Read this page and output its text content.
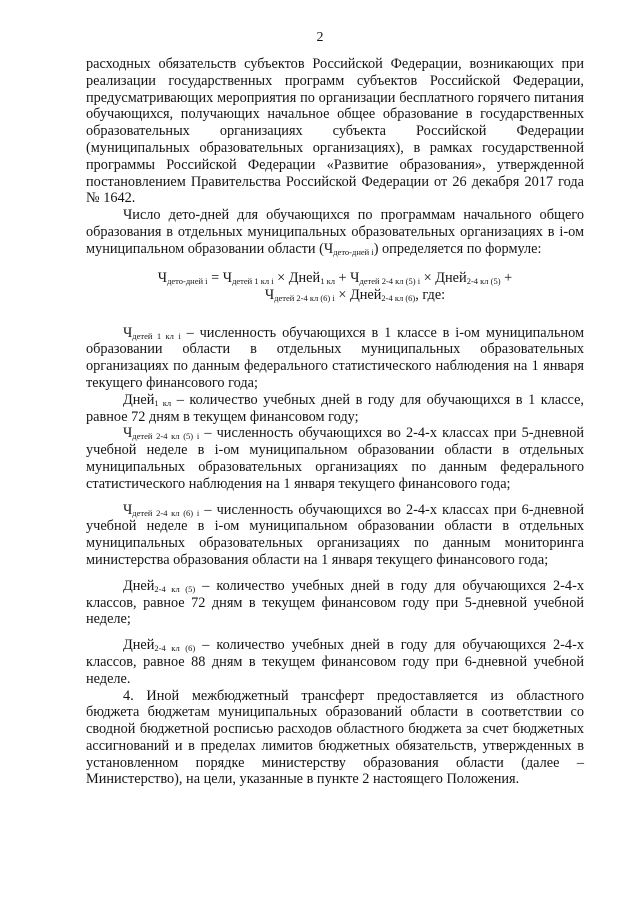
2

расходных обязательств субъектов Российской Федерации, возникающих при реализации государственных программ субъектов Российской Федерации, предусматривающих мероприятия по организации бесплатного горячего питания обучающихся, получающих начальное общее образование в государственных образовательных организациях субъекта Российской Федерации (муниципальных образовательных организациях), в рамках государственной программы Российской Федерации «Развитие образования», утвержденной постановлением Правительства Российской Федерации от 26 декабря 2017 года № 1642.

Число дето-дней для обучающихся по программам начального общего образования в отдельных муниципальных образовательных организациях в i-ом муниципальном образовании области $(Ч_{дето-дней i})$ определяется по формуле:

$Ч_{дето-дней i} = Ч_{детей 1 кл i}$ × Дней$_{1 кл}$ + $Ч_{детей 2-4 кл (5) i}$ × Дней$_{2-4 кл (5)}$ +
$Ч_{детей 2-4 кл (6) i}$ × Дней$_{2-4 кл (6)}$, где:

$Ч_{детей 1 кл i}$ – численность обучающихся в 1 классе в i-ом муниципальном образовании области в отдельных муниципальных образовательных организациях по данным федерального статистического наблюдения на 1 января текущего финансового года;

Дней$_{1 кл}$ – количество учебных дней в году для обучающихся в 1 классе, равное 72 дням в текущем финансовом году;

$Ч_{детей 2-4 кл (5) i}$ – численность обучающихся во 2-4-х классах при 5-дневной учебной неделе в i-ом муниципальном образовании области в отдельных муниципальных образовательных организациях по данным федерального статистического наблюдения на 1 января текущего финансового года;

$Ч_{детей 2-4 кл (6) i}$ – численность обучающихся во 2-4-х классах при 6-дневной учебной неделе в i-ом муниципальном образовании области в отдельных муниципальных образовательных организациях по данным мониторинга министерства образования области на 1 января текущего финансового года;

Дней$_{2-4 кл (5)}$ – количество учебных дней в году для обучающихся 2-4-х классов, равное 72 дням в текущем финансовом году при 5-дневной учебной неделе;

Дней$_{2-4 кл (6)}$ – количество учебных дней в году для обучающихся 2-4-х классов, равное 88 дням в текущем финансовом году при 6-дневной учебной неделе.

4. Иной межбюджетный трансферт предоставляется из областного бюджета бюджетам муниципальных образований области в соответствии со сводной бюджетной росписью расходов областного бюджета за счет бюджетных ассигнований и в пределах лимитов бюджетных обязательств, утвержденных в установленном порядке министерству образования области (далее – Министерство), на цели, указанные в пункте 2 настоящего Положения.
